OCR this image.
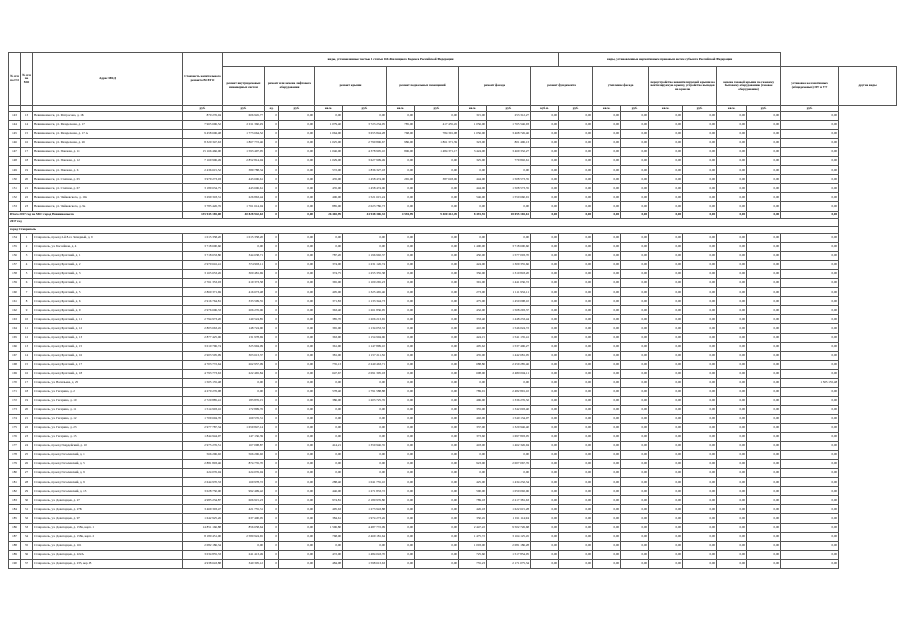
№ п/п по ГО	№ п/п по МО	Адрес МКД	Стоимость капитального ремонта ВСЕГО	виды, установленные частью 1 статьи 166 Жилищного Кодекса Российской Федерации										виды, установленные нормативным правовым актом субъекта Российской Федерации								
				ремонт внутридомовых инженерных систем	ремонт или замена лифтового оборудования		ремонт крыши		ремонт подвальных помещений		ремонт фасада		ремонт фундамента		утепление фасада		переустройство невентилируемой крыши на вентилируемую крышу, устройство выходов на кровлю		замена газовой крыши по газовому бытовому оборудованию (газовое оборудование)		установка коллективных (общедомовых) ПУ и УУ	другие виды
			руб.	руб.	ед.	руб.	кв.м.	руб.	кв.м.	руб.	кв.м.	руб.	куб.м.	руб.	кв.м.	руб.	кв.м.	руб.	кв.м.	руб.	руб.	
143	13	Невинномысск, ул. Матросова, д. 1Б	870 276,04	606 945,77	0	0,00	0,00	0,00	0,00	0,00	315,00	253 312,27	0,00	0,00	0,00	0,00	0,00	0,00	0,00	0,00	0,00	
144	14	Невинномысск, ул. Менделеева, д. 17	7 965 696,52	2 011 360,29	0	0,00	1 079,40	3 723 234,05	785,00	417 455,45	1 056,00	1 765 546,93	0,00	0,00	0,00	0,00	0,00	0,00	0,00	0,00	0,00	
145	15	Невинномысск, ул. Менделеева, д. 17 А	9 458 606,48	1 773 664,52	0	0,00	1 064,00	3 655 844,28	768,00	784 391,08	1 056,00	3 468 726,46	0,00	0,00	0,00	0,00	0,00	0,00	0,00	0,00	0,00	
146	16	Невинномысск, ул. Менделеева, д. 26	8 320 347,63	1 867 772,46	0	0,00	1 025,00	2 790 806,67	986,00	1 861 371,39	323,00	801 496,13	0,00	0,00	0,00	0,00	0,00	0,00	0,00	0,00	0,00	
147	17	Невинномысск, ул. Павлова, д. 11	15 166 466,00	1 593 497,95	0	0,00	1 046,00	4 378 905,10	806,00	1 484 371,17	3 424,00	3 469 332,27	0,00	0,00	0,00	0,00	0,00	0,00	0,00	0,00	0,00	
148	18	Невинномысск, ул. Павлова, д. 12	7 169 906,49	2 852 814,04	0	0,00	1 029,00	3 627 909,49	0,00	0,00	325,00	779 802,61	0,00	0,00	0,00	0,00	0,00	0,00	0,00	0,00	0,00	
149	19	Невинномысск, ул. Павлова, д. 6	2 436 615,52	389 788,34	0	0,00	572,00	1 836 327,18	0,00	0,00	0,00	0,00	0,00	0,00	0,00	0,00	0,00	0,00	0,00	0,00	0,00	
150	20	Невинномысск, ул. Степная, д. 65	3 979 273,03	443 606,61	0	0,00	435,00	1 458 474,00	265,00	387 618,06	444,00	1 508 573,35	0,00	0,00	0,00	0,00	0,00	0,00	0,00	0,00	0,00	
151	21	Невинномысск, ул. Степная, д. 67	3 189 634,75	443 606,61	0	0,00	435,00	1 458 474,00	0,00	0,00	444,00	1 508 573,35	0,00	0,00	0,00	0,00	0,00	0,00	0,00	0,00	0,00	
152	22	Невинномысск, ул. Чайковского, д. 10а	3 299 318,31	226 863,44	0	0,00	406,00	1 521 615,24	0,00	0,00	546,00	1 550 660,91	0,00	0,00	0,00	0,00	0,00	0,00	0,00	0,00	0,00	
153	23	Невинномысск, ул. Чайковского, д. 9а	3 785 426,76	1 761 614,04	0	0,00	885,00	2 023 786,73	0,00	0,00	0,00	0,00	0,00	0,00	0,00	0,00	0,00	0,00	0,00	0,00	0,00	
Итого 2017 год по МО: город Невинномысск			135 945 185,08	40 828 942,63	0	0,00	26 465,99	44 948 306,33	4 594,99	9 400 412,49	8 491,55	18 055 165,61	0,00	0,00	0,00	0,00	0,00	0,00	0,00	0,00	0,00	
2017 год																						
город Ставрополь																						
154	1	Ставрополь, проезд 2-й 8-го Западный, д. 9	1 015 358,20	1 015 358,20	0	0,00	0,00	0,00	0,00	0,00	0,00	0,00	0,00	0,00	0,00	0,00	0,00	0,00	0,00	0,00	0,00	
155	2	Ставрополь, ул. Бассейная, д. 4	3 718 600,60	0,00	0	0,00	0,00	0,00	0,00	0,00	1 400,00	3 718 600,60	0,00	0,00	0,00	0,00	0,00	0,00	0,00	0,00	0,00	
156	3	Ставрополь, проезд Братский, д. 1	3 718 633,80	344 638,71	0	0,00	787,20	1 196 992,37	0,00	0,00	450,00	1 577 003,70	0,00	0,00	0,00	0,00	0,00	0,00	0,00	0,00	0,00	
157	4	Ставрополь, проезд Братский, д. 2	2 970 616,41	374 993,11	0	0,00	374,00	1 231 126,74	0,00	0,00	424,00	1 309 355,66	0,00	0,00	0,00	0,00	0,00	0,00	0,00	0,00	0,00	
158	5	Ставрополь, проезд Братский, д. 3	3 165 653,26	300 481,69	0	0,00	374,75	1 255 355,38	0,00	0,00	356,00	1 310 818,20	0,00	0,00	0,00	0,00	0,00	0,00	0,00	0,00	0,00	
159	6	Ставрополь, проезд Братский, д. 4	2 761 353,03	219 373,58	0	0,00	365,00	1 100 265,23	0,00	0,00	391,00	1 441 036,72	0,00	0,00	0,00	0,00	0,00	0,00	0,00	0,00	0,00	
160	7	Ставрополь, проезд Братский, д. 5	2 860 371,69	416 673,48	0	0,00	405,00	1 325 465,46	0,00	0,00	273,00	1 111 932,11	0,00	0,00	0,00	0,00	0,00	0,00	0,00	0,00	0,00	
161	8	Ставрополь, проезд Братский, д. 6	2 916 764,81	333 509,55	0	0,00	371,83	1 133 344,73	0,00	0,00	475,00	1 450 098,10	0,00	0,00	0,00	0,00	0,00	0,00	0,00	0,00	0,00	
162	9	Ставрополь, проезд Братский, д. 9	2 976 606,33	206 276,06	0	0,00	363,40	1 261 836,95	0,00	0,00	432,00	1 508 293,37	0,00	0,00	0,00	0,00	0,00	0,00	0,00	0,00	0,00	
163	10	Ставрополь, проезд Братский, д. 11	2 794 973,20	140 524,85	0	0,00	385,70	1 206 213,65	0,00	0,00	333,40	1 448 233,44	0,00	0,00	0,00	0,00	0,00	0,00	0,00	0,00	0,00	
164	11	Ставрополь, проезд Братский, д. 12	2 803 663,45	148 724,90	0	0,00	365,00	1 134 053,33	0,00	0,00	410,00	1 546 024,72	0,00	0,00	0,00	0,00	0,00	0,00	0,00	0,00	0,00	
165	12	Ставрополь, проезд Братский, д. 13	2 877 425,06	131 978,69	0	0,00	363,90	1 154 904,96	0,00	0,00	424,15	1 541 135,41	0,00	0,00	0,00	0,00	0,00	0,00	0,00	0,00	0,00	
166	13	Ставрополь, проезд Братский, д. 15	3 010 796,74	325 994,09	0	0,00	361,90	1 147 899,10	0,00	0,00	405,62	1 537 496,27	0,00	0,00	0,00	0,00	0,00	0,00	0,00	0,00	0,00	
167	14	Ставрополь, проезд Братский, д. 16	2 903 505,99	303 613,37	0	0,00	381,00	1 157 211,56	0,00	0,00	435,00	1 442 681,05	0,00	0,00	0,00	0,00	0,00	0,00	0,00	0,00	0,00	
168	15	Ставрополь, проезд Братский, д. 17	4 703 772,64	262 957,09	0	0,00	735,13	2 240 463,71	0,00	0,00	688,80	2 259 285,46	0,00	0,00	0,00	0,00	0,00	0,00	0,00	0,00	0,00	
169	16	Ставрополь, проезд Братский, д. 18	4 793 773,63	222 465,84	0	0,00	647,67	2 091 305,18	0,00	0,00	608,00	2 480 004,11	0,00	0,00	0,00	0,00	0,00	0,00	0,00	0,00	0,00	
170	17	Ставрополь, ул. Васильева, д. 25	1 505 155,48	0,00	0	0,00	0,00	0,00	0,00	0,00	0,00	0,00	0,00	0,00	0,00	0,00	0,00	0,00	0,00	0,00	1 505 155,48	
171	18	Ставрополь, ул. Гагарина, д. 2	4 270 276,98	0,00	0	0,00	578,40	1 791 588,88	0,00	0,00	789,91	2 482 891,10	0,00	0,00	0,00	0,00	0,00	0,00	0,00	0,00	0,00	
172	19	Ставрополь, ул. Гагарина, д. 10	2 720 885,41	183 876,15	0	0,00	386,00	1 203 725,76	0,00	0,00	496,00	1 336 276,32	0,00	0,00	0,00	0,00	0,00	0,00	0,00	0,00	0,00	
173	20	Ставрополь, ул. Гагарина, д. 11	1 514 903,16	172 899,76	0	0,00	0,00	0,00	0,00	0,00	355,00	1 342 003,40	0,00	0,00	0,00	0,00	0,00	0,00	0,00	0,00	0,00	
174	21	Ставрополь, ул. Гагарина, д. 12	1 709 604,70	169 576,31	0	0,00	0,00	0,00	0,00	0,00	402,00	1 540 134,07	0,00	0,00	0,00	0,00	0,00	0,00	0,00	0,00	0,00	
175	22	Ставрополь, ул. Гагарина, д. 23	2 977 787,34	1 659 847,14	0	0,00	0,00	0,00	0,00	0,00	337,00	1 320 946,40	0,00	0,00	0,00	0,00	0,00	0,00	0,00	0,00	0,00	
176	23	Ставрополь, ул. Гагарина, д. 15	1 844 944,97	147 136,39	0	0,00	0,00	0,00	0,00	0,00	373,60	1 697 803,05	0,00	0,00	0,00	0,00	0,00	0,00	0,00	0,00	0,00	
177	24	Ставрополь, проезд Гвардейский, д. 10	2 975 276,51	167 098,87	0	0,00	414,21	1 350 946,35	0,00	0,00	418,00	1 462 326,94	0,00	0,00	0,00	0,00	0,00	0,00	0,00	0,00	0,00	
178	25	Ставрополь, проезд Гоголевский, д. 1	566 296,92	566 296,92	0	0,00	0,00	0,00	0,00	0,00	0,00	0,00	0,00	0,00	0,00	0,00	0,00	0,00	0,00	0,00	0,00	
179	26	Ставрополь, проезд Гоголевский, д. 5	2 881 803,46	874 735,70	0	0,00	0,00	0,00	0,00	0,00	923,00	2 007 067,76	0,00	0,00	0,00	0,00	0,00	0,00	0,00	0,00	0,00	
180	27	Ставрополь, проезд Гоголевский, д. 9	224 076,04	224 076,04	0	0,00	0,00	0,00	0,00	0,00	0,00	0,00	0,00	0,00	0,00	0,00	0,00	0,00	0,00	0,00	0,00	
181	28	Ставрополь, проезд Гоголевский, д. 9	2 644 970,33	169 978,72	0	0,00	288,40	1 041 755,10	0,00	0,00	425,00	1 434 232,34	0,00	0,00	0,00	0,00	0,00	0,00	0,00	0,00	0,00	
182	29	Ставрополь, проезд Гоголевский, д. 13	3 028 750,00	992 499,42	0	0,00	446,00	1 271 833,72	0,00	0,00	590,00	1 050 092,06	0,00	0,00	0,00	0,00	0,00	0,00	0,00	0,00	0,00	
183	30	Ставрополь, ул. Доваторцев, д. 27	4 985 234,87	606 915,23	0	0,00	974,81	2 180 976,80	0,00	0,00	789,18	2 217 381,63	0,00	0,00	0,00	0,00	0,00	0,00	0,00	0,00	0,00	
184	31	Ставрополь, ул. Доваторцев, д. 27Б	3 469 303,47	421 755,31	0	0,00	495,63	1 273 943,88	0,00	0,00	426,18	1 622 615,28	0,00	0,00	0,00	0,00	0,00	0,00	0,00	0,00	0,00	
185	32	Ставрополь, ул. Доваторцев, д. 97	1 642 925,26	637 400,05	0	0,00	384,61	1 974 273,26	0,00	0,00	350,45	1 011 114,94	0,00	0,00	0,00	0,00	0,00	0,00	0,00	0,00	0,00	
186	33	Ставрополь, ул. Доваторцев, д. 158а, корп. 1	14 851 166,88	856 658,64	0	0,00	1 596,80	4 487 772,09	0,00	0,00	2 447,22	9 502 726,68	0,00	0,00	0,00	0,00	0,00	0,00	0,00	0,00	0,00	
187	34	Ставрополь, ул. Доваторцев, д. 158в, корп. 2	8 180 451,00	2 580 924,65	0	0,00	768,00	2 469 181,64	0,00	0,00	1 475,72	3 164 125,45	0,00	0,00	0,00	0,00	0,00	0,00	0,00	0,00	0,00	
188	35	Ставрополь, ул. Доваторцев, д. 161	2 082 186,34	0,00	0	0,00	0,00	0,00	0,00	0,00	1 003,00	2 081 186,28	0,00	0,00	0,00	0,00	0,00	0,00	0,00	0,00	0,00	
189	36	Ставрополь, ул. Доваторцев, д. 222А	3 034 855,33	241 413,49	0	0,00	472,00	1 484 043,70	0,00	0,00	725,60	1 517 854,05	0,00	0,00	0,00	0,00	0,00	0,00	0,00	0,00	0,00	
190	37	Ставрополь, ул. Доваторцев, д. 235, кор. В	4 938 643,88	340 305,12	0	0,00	484,08	1 598 613,63	0,00	0,00	755,23	2 171 075,34	0,00	0,00	0,00	0,00	0,00	0,00	0,00	0,00	0,00	
